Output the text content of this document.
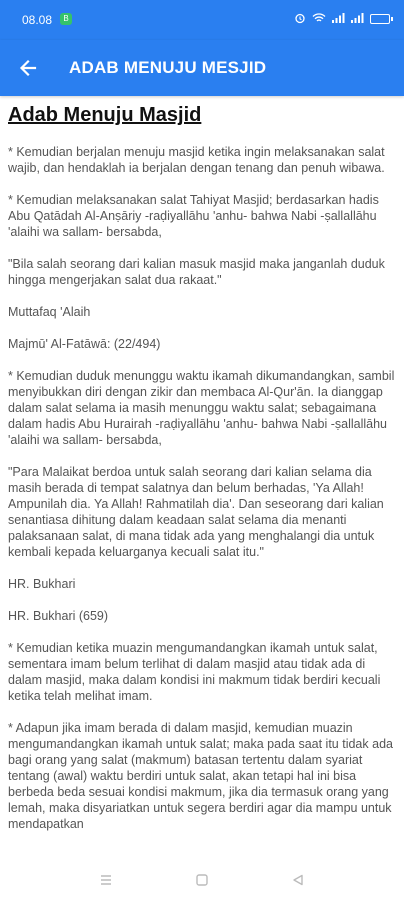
08.08	B
ADAB MENUJU MESJID
Adab Menuju Masjid

* Kemudian berjalan menuju masjid ketika ingin melaksanakan salat wajib, dan hendaklah ia berjalan dengan tenang dan penuh wibawa.

* Kemudian melaksanakan salat Tahiyat Masjid; berdasarkan hadis Abu Qatādah Al-Anṣāriy -raḍiyallāhu 'anhu- bahwa Nabi -ṣallallāhu 'alaihi wa sallam- bersabda,

"Bila salah seorang dari kalian masuk masjid maka janganlah duduk hingga mengerjakan salat dua rakaat."

Muttafaq 'Alaih

Majmū' Al-Fatāwā: (22/494)

* Kemudian duduk menunggu waktu ikamah dikumandangkan, sambil menyibukkan diri dengan zikir dan membaca Al-Qur'ān. Ia dianggap dalam salat selama ia masih menunggu waktu salat; sebagaimana dalam hadis Abu Hurairah -raḍiyallāhu 'anhu- bahwa Nabi -ṣallallāhu 'alaihi wa sallam- bersabda,

"Para Malaikat berdoa untuk salah seorang dari kalian selama dia masih berada di tempat salatnya dan belum berhadas, 'Ya Allah! Ampunilah dia. Ya Allah! Rahmatilah dia'. Dan seseorang dari kalian senantiasa dihitung dalam keadaan salat selama dia menanti palaksanaan salat, di mana tidak ada yang menghalangi dia untuk kembali kepada keluarganya kecuali salat itu."

HR. Bukhari

HR. Bukhari (659)

* Kemudian ketika muazin mengumandangkan ikamah untuk salat, sementara imam belum terlihat di dalam masjid atau tidak ada di dalam masjid, maka dalam kondisi ini makmum tidak berdiri kecuali ketika telah melihat imam.

* Adapun jika imam berada di dalam masjid, kemudian muazin mengumandangkan ikamah untuk salat; maka pada saat itu tidak ada bagi orang yang salat (makmum) batasan tertentu dalam syariat tentang (awal) waktu berdiri untuk salat, akan tetapi hal ini bisa berbeda beda sesuai kondisi makmum, jika dia termasuk orang yang lemah, maka disyariatkan untuk segera berdiri agar dia mampu untuk mendapatkan
